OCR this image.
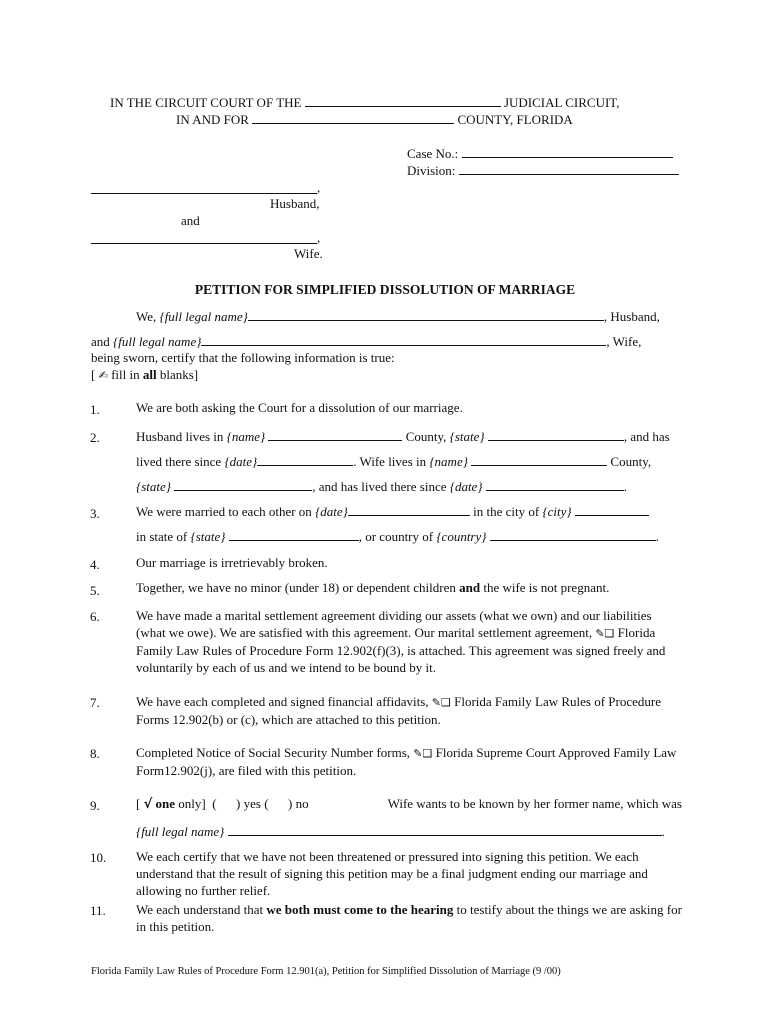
IN THE CIRCUIT COURT OF THE	JUDICIAL CIRCUIT,
IN AND FOR	COUNTY, FLORIDA
Case No.:
Division:
,
Husband,
and
,
Wife.
PETITION FOR SIMPLIFIED DISSOLUTION OF MARRIAGE
We, {full legal name}	, Husband,
and {full legal name}	, Wife,
being sworn, certify that the following information is true:
[ ✍ fill in all blanks]
1.	We are both asking the Court for a dissolution of our marriage.
2.	Husband lives in {name}	County, {state}	, and has
lived there since {date}	. Wife lives in {name}	County,
{state}	, and has lived there since {date}	.
3.	We were married to each other on {date}	in the city of {city}
in state of {state}	, or country of {country}	.
4.	Our marriage is irretrievably broken.
5.	Together, we have no minor (under 18) or dependent children and the wife is not pregnant.
6.	We have made a marital settlement agreement dividing our assets (what we own) and our liabilities (what we owe). We are satisfied with this agreement. Our marital settlement agreement, ✎❑ Florida Family Law Rules of Procedure Form 12.902(f)(3), is attached. This agreement was signed freely and voluntarily by each of us and we intend to be bound by it.
7.	We have each completed and signed financial affidavits, ✎❑ Florida Family Law Rules of Procedure Forms 12.902(b) or (c), which are attached to this petition.
8.	Completed Notice of Social Security Number forms, ✎❑ Florida Supreme Court Approved Family Law Form12.902(j), are filed with this petition.
9.	[ √ one only] (      ) yes (      ) no	Wife wants to be known by her former name, which was
{full legal name}	.
10.	We each certify that we have not been threatened or pressured into signing this petition. We each understand that the result of signing this petition may be a final judgment ending our marriage and allowing no further relief.
11.	We each understand that we both must come to the hearing to testify about the things we are asking for in this petition.
Florida Family Law Rules of Procedure Form 12.901(a), Petition for Simplified Dissolution of Marriage (9 /00)
